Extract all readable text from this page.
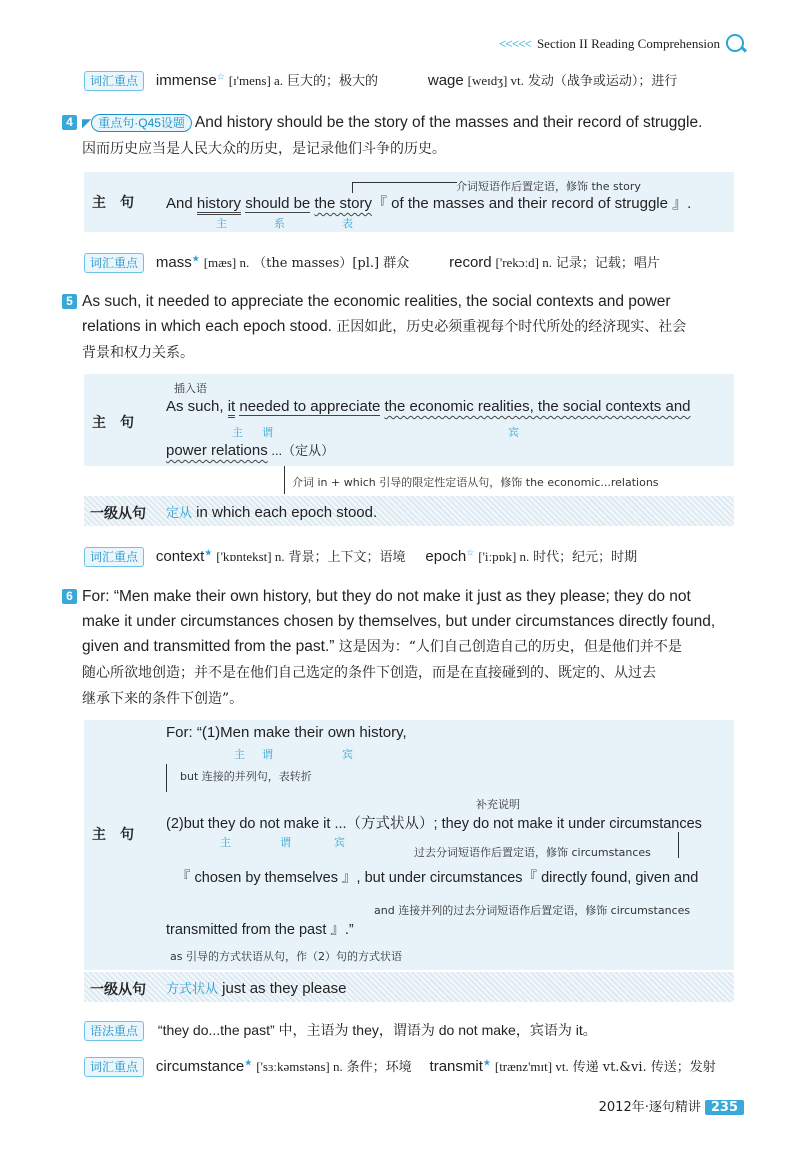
<<<<< Section II Reading Comprehension
词汇重点 immense☆ [ɪ'mens] a. 巨大的；极大的	wage [weɪdʒ] vt. 发动（战争或运动）；进行
4 ◤ 重点句·Q45设题 And history should be the story of the masses and their record of struggle.
因而历史应当是人民大众的历史，是记录他们斗争的历史。
主　句
介词短语作后置定语，修饰 the story
And history should be the story『 of the masses and their record of struggle 』.
主	系	表
词汇重点 mass★ [mæs] n. （the masses）[pl.] 群众	record ['rekɔːd] n. 记录；记载；唱片
5 As such, it needed to appreciate the economic realities, the social contexts and power
relations in which each epoch stood. 正因如此，历史必须重视每个时代所处的经济现实、社会
背景和权力关系。
主　句
插入语
As such, it needed to appreciate the economic realities, the social contexts and
主 谓	宾
power relations ...（定从）
介词 in + which 引导的限定性定语从句，修饰 the economic...relations
一级从句 定从 in which each epoch stood.
词汇重点 context★ ['kɒntekst] n. 背景；上下文；语境 epoch☆ ['iːpɒk] n. 时代；纪元；时期
6 For: “Men make their own history, but they do not make it just as they please; they do not
make it under circumstances chosen by themselves, but under circumstances directly found,
given and transmitted from the past.” 这是因为：“人们自己创造自己的历史，但是他们并不是
随心所欲地创造；并不是在他们自己选定的条件下创造，而是在直接碰到的、既定的、从过去
继承下来的条件下创造”。
主　句
For: “(1)Men make their own history,
主 谓	宾
but 连接的并列句，表转折
补充说明
(2)but they do not make it ...（方式状从）; they do not make it under circumstances
主	谓	宾
过去分词短语作后置定语，修饰 circumstances
『 chosen by themselves 』, but under circumstances『 directly found, given and
and 连接并列的过去分词短语作后置定语，修饰 circumstances
transmitted from the past 』.”
as 引导的方式状语从句，作（2）句的方式状语
一级从句 方式状从 just as they please
语法重点 “they do...the past” 中，主语为 they，谓语为 do not make，宾语为 it。
词汇重点 circumstance★ ['sɜːkəmstəns] n. 条件；环境 transmit★ [trænz'mɪt] vt. 传递 vt.&vi. 传送；发射
2012年·逐句精讲 235
